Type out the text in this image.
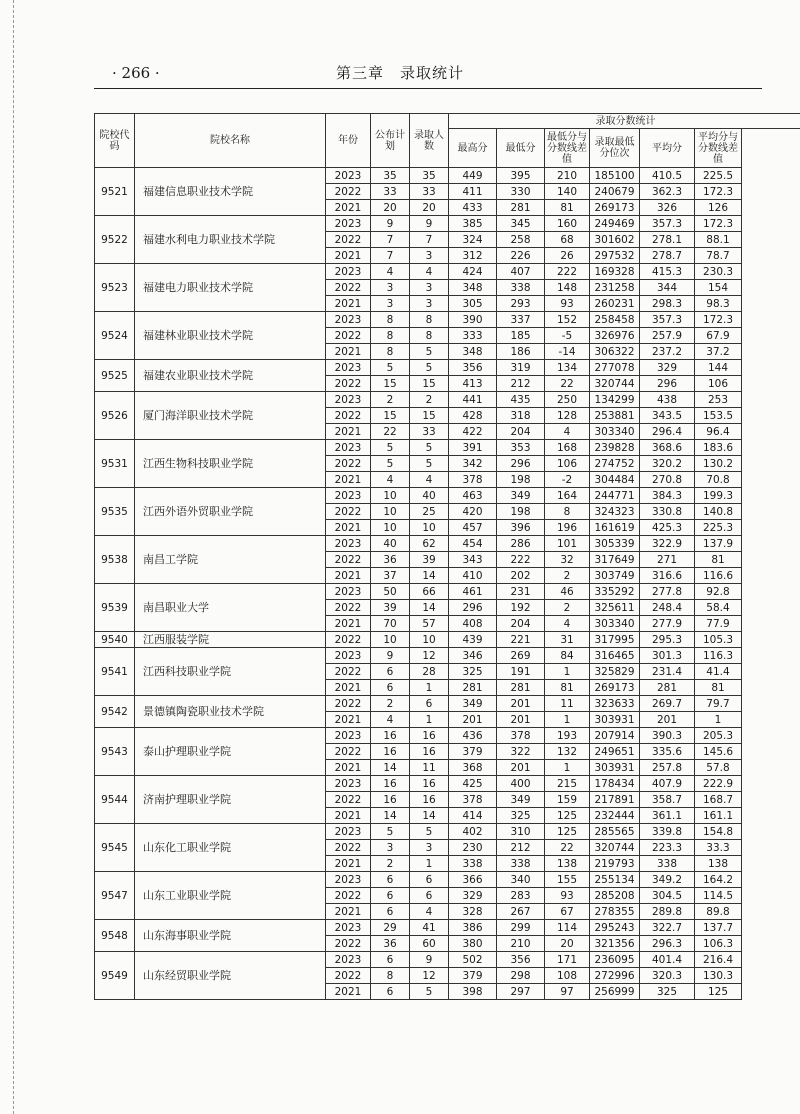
· 266 ·	第三章　录取统计
院校代码	院校名称	年份	公布计划	录取人数	录取分数统计					
					最高分	最低分	最低分与分数线差值	录取最低分位次	平均分	平均分与分数线差值
9521	福建信息职业技术学院	2023	35	35	449	395	210	185100	410.5	225.5
		2022	33	33	411	330	140	240679	362.3	172.3
		2021	20	20	433	281	81	269173	326	126
9522	福建水利电力职业技术学院	2023	9	9	385	345	160	249469	357.3	172.3
		2022	7	7	324	258	68	301602	278.1	88.1
		2021	7	3	312	226	26	297532	278.7	78.7
9523	福建电力职业技术学院	2023	4	4	424	407	222	169328	415.3	230.3
		2022	3	3	348	338	148	231258	344	154
		2021	3	3	305	293	93	260231	298.3	98.3
9524	福建林业职业技术学院	2023	8	8	390	337	152	258458	357.3	172.3
		2022	8	8	333	185	-5	326976	257.9	67.9
		2021	8	5	348	186	-14	306322	237.2	37.2
9525	福建农业职业技术学院	2023	5	5	356	319	134	277078	329	144
		2022	15	15	413	212	22	320744	296	106
9526	厦门海洋职业技术学院	2023	2	2	441	435	250	134299	438	253
		2022	15	15	428	318	128	253881	343.5	153.5
		2021	22	33	422	204	4	303340	296.4	96.4
9531	江西生物科技职业学院	2023	5	5	391	353	168	239828	368.6	183.6
		2022	5	5	342	296	106	274752	320.2	130.2
		2021	4	4	378	198	-2	304484	270.8	70.8
9535	江西外语外贸职业学院	2023	10	40	463	349	164	244771	384.3	199.3
		2022	10	25	420	198	8	324323	330.8	140.8
		2021	10	10	457	396	196	161619	425.3	225.3
9538	南昌工学院	2023	40	62	454	286	101	305339	322.9	137.9
		2022	36	39	343	222	32	317649	271	81
		2021	37	14	410	202	2	303749	316.6	116.6
9539	南昌职业大学	2023	50	66	461	231	46	335292	277.8	92.8
		2022	39	14	296	192	2	325611	248.4	58.4
		2021	70	57	408	204	4	303340	277.9	77.9
9540	江西服装学院	2022	10	10	439	221	31	317995	295.3	105.3
9541	江西科技职业学院	2023	9	12	346	269	84	316465	301.3	116.3
		2022	6	28	325	191	1	325829	231.4	41.4
		2021	6	1	281	281	81	269173	281	81
9542	景德镇陶瓷职业技术学院	2022	2	6	349	201	11	323633	269.7	79.7
		2021	4	1	201	201	1	303931	201	1
9543	泰山护理职业学院	2023	16	16	436	378	193	207914	390.3	205.3
		2022	16	16	379	322	132	249651	335.6	145.6
		2021	14	11	368	201	1	303931	257.8	57.8
9544	济南护理职业学院	2023	16	16	425	400	215	178434	407.9	222.9
		2022	16	16	378	349	159	217891	358.7	168.7
		2021	14	14	414	325	125	232444	361.1	161.1
9545	山东化工职业学院	2023	5	5	402	310	125	285565	339.8	154.8
		2022	3	3	230	212	22	320744	223.3	33.3
		2021	2	1	338	338	138	219793	338	138
9547	山东工业职业学院	2023	6	6	366	340	155	255134	349.2	164.2
		2022	6	6	329	283	93	285208	304.5	114.5
		2021	6	4	328	267	67	278355	289.8	89.8
9548	山东海事职业学院	2023	29	41	386	299	114	295243	322.7	137.7
		2022	36	60	380	210	20	321356	296.3	106.3
9549	山东经贸职业学院	2023	6	9	502	356	171	236095	401.4	216.4
		2022	8	12	379	298	108	272996	320.3	130.3
		2021	6	5	398	297	97	256999	325	125
